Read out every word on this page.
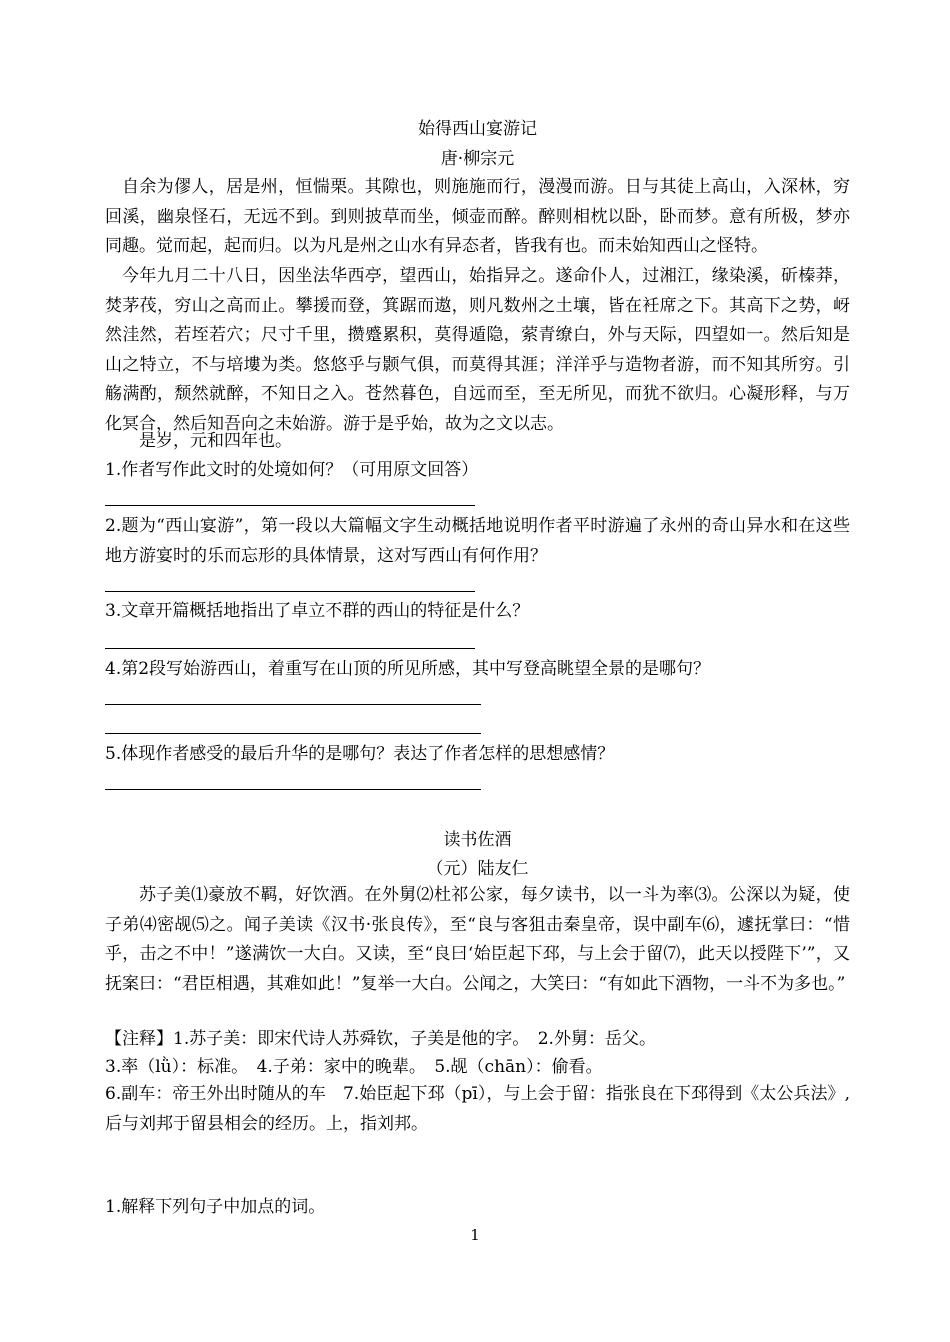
始得西山宴游记
唐·柳宗元

自余为僇人，居是州，恒惴栗。其隙也，则施施而行，漫漫而游。日与其徒上高山，入深林，穷回溪，幽泉怪石，无远不到。到则披草而坐，倾壶而醉。醉则相枕以卧，卧而梦。意有所极，梦亦同趣。觉而起，起而归。以为凡是州之山水有异态者，皆我有也。而未始知西山之怪特。

今年九月二十八日，因坐法华西亭，望西山，始指异之。遂命仆人，过湘江，缘染溪，斫榛莽，焚茅茷，穷山之高而止。攀援而登，箕踞而遨，则凡数州之土壤，皆在衽席之下。其高下之势，岈然洼然，若垤若穴；尺寸千里，攒蹙累积，莫得遁隐，萦青缭白，外与天际，四望如一。然后知是山之特立，不与培塿为类。悠悠乎与颢气俱，而莫得其涯；洋洋乎与造物者游，而不知其所穷。引觞满酌，颓然就醉，不知日之入。苍然暮色，自远而至，至无所见，而犹不欲归。心凝形释，与万化冥合，然后知吾向之未始游。游于是乎始，故为之文以志。

是岁，元和四年也。
1.作者写作此文时的处境如何？（可用原文回答）

2.题为“西山宴游”，第一段以大篇幅文字生动概括地说明作者平时游遍了永州的奇山异水和在这些地方游宴时的乐而忘形的具体情景，这对写西山有何作用？

3.文章开篇概括地指出了卓立不群的西山的特征是什么？
4.第2段写始游西山，着重写在山顶的所见所感，其中写登高眺望全景的是哪句？
5.体现作者感受的最后升华的是哪句？表达了作者怎样的思想感情？
读书佐酒
（元）陆友仁

苏子美⑴豪放不羁，好饮酒。在外舅⑵杜祁公家，每夕读书，以一斗为率⑶。公深以为疑，使子弟⑷密觇⑸之。闻子美读《汉书·张良传》，至“良与客狙击秦皇帝，误中副车⑹，遽抚掌曰：“惜乎，击之不中！”遂满饮一大白。又读，至“良曰‘始臣起下邳，与上会于留⑺，此天以授陛下’”，又抚案曰：“君臣相遇，其难如此！”复举一大白。公闻之，大笑曰：“有如此下酒物，一斗不为多也。”

【注释】1.苏子美：即宋代诗人苏舜钦，子美是他的字。　2.外舅：岳父。
3.率（lǜ）：标准。　4.子弟：家中的晚辈。　5.觇（chān）：偷看。

6.副车：帝王外出时随从的车　7.始臣起下邳（pī），与上会于留：指张良在下邳得到《太公兵法》,后与刘邦于留县相会的经历。上，指刘邦。

1.解释下列句子中加点的词。
1
